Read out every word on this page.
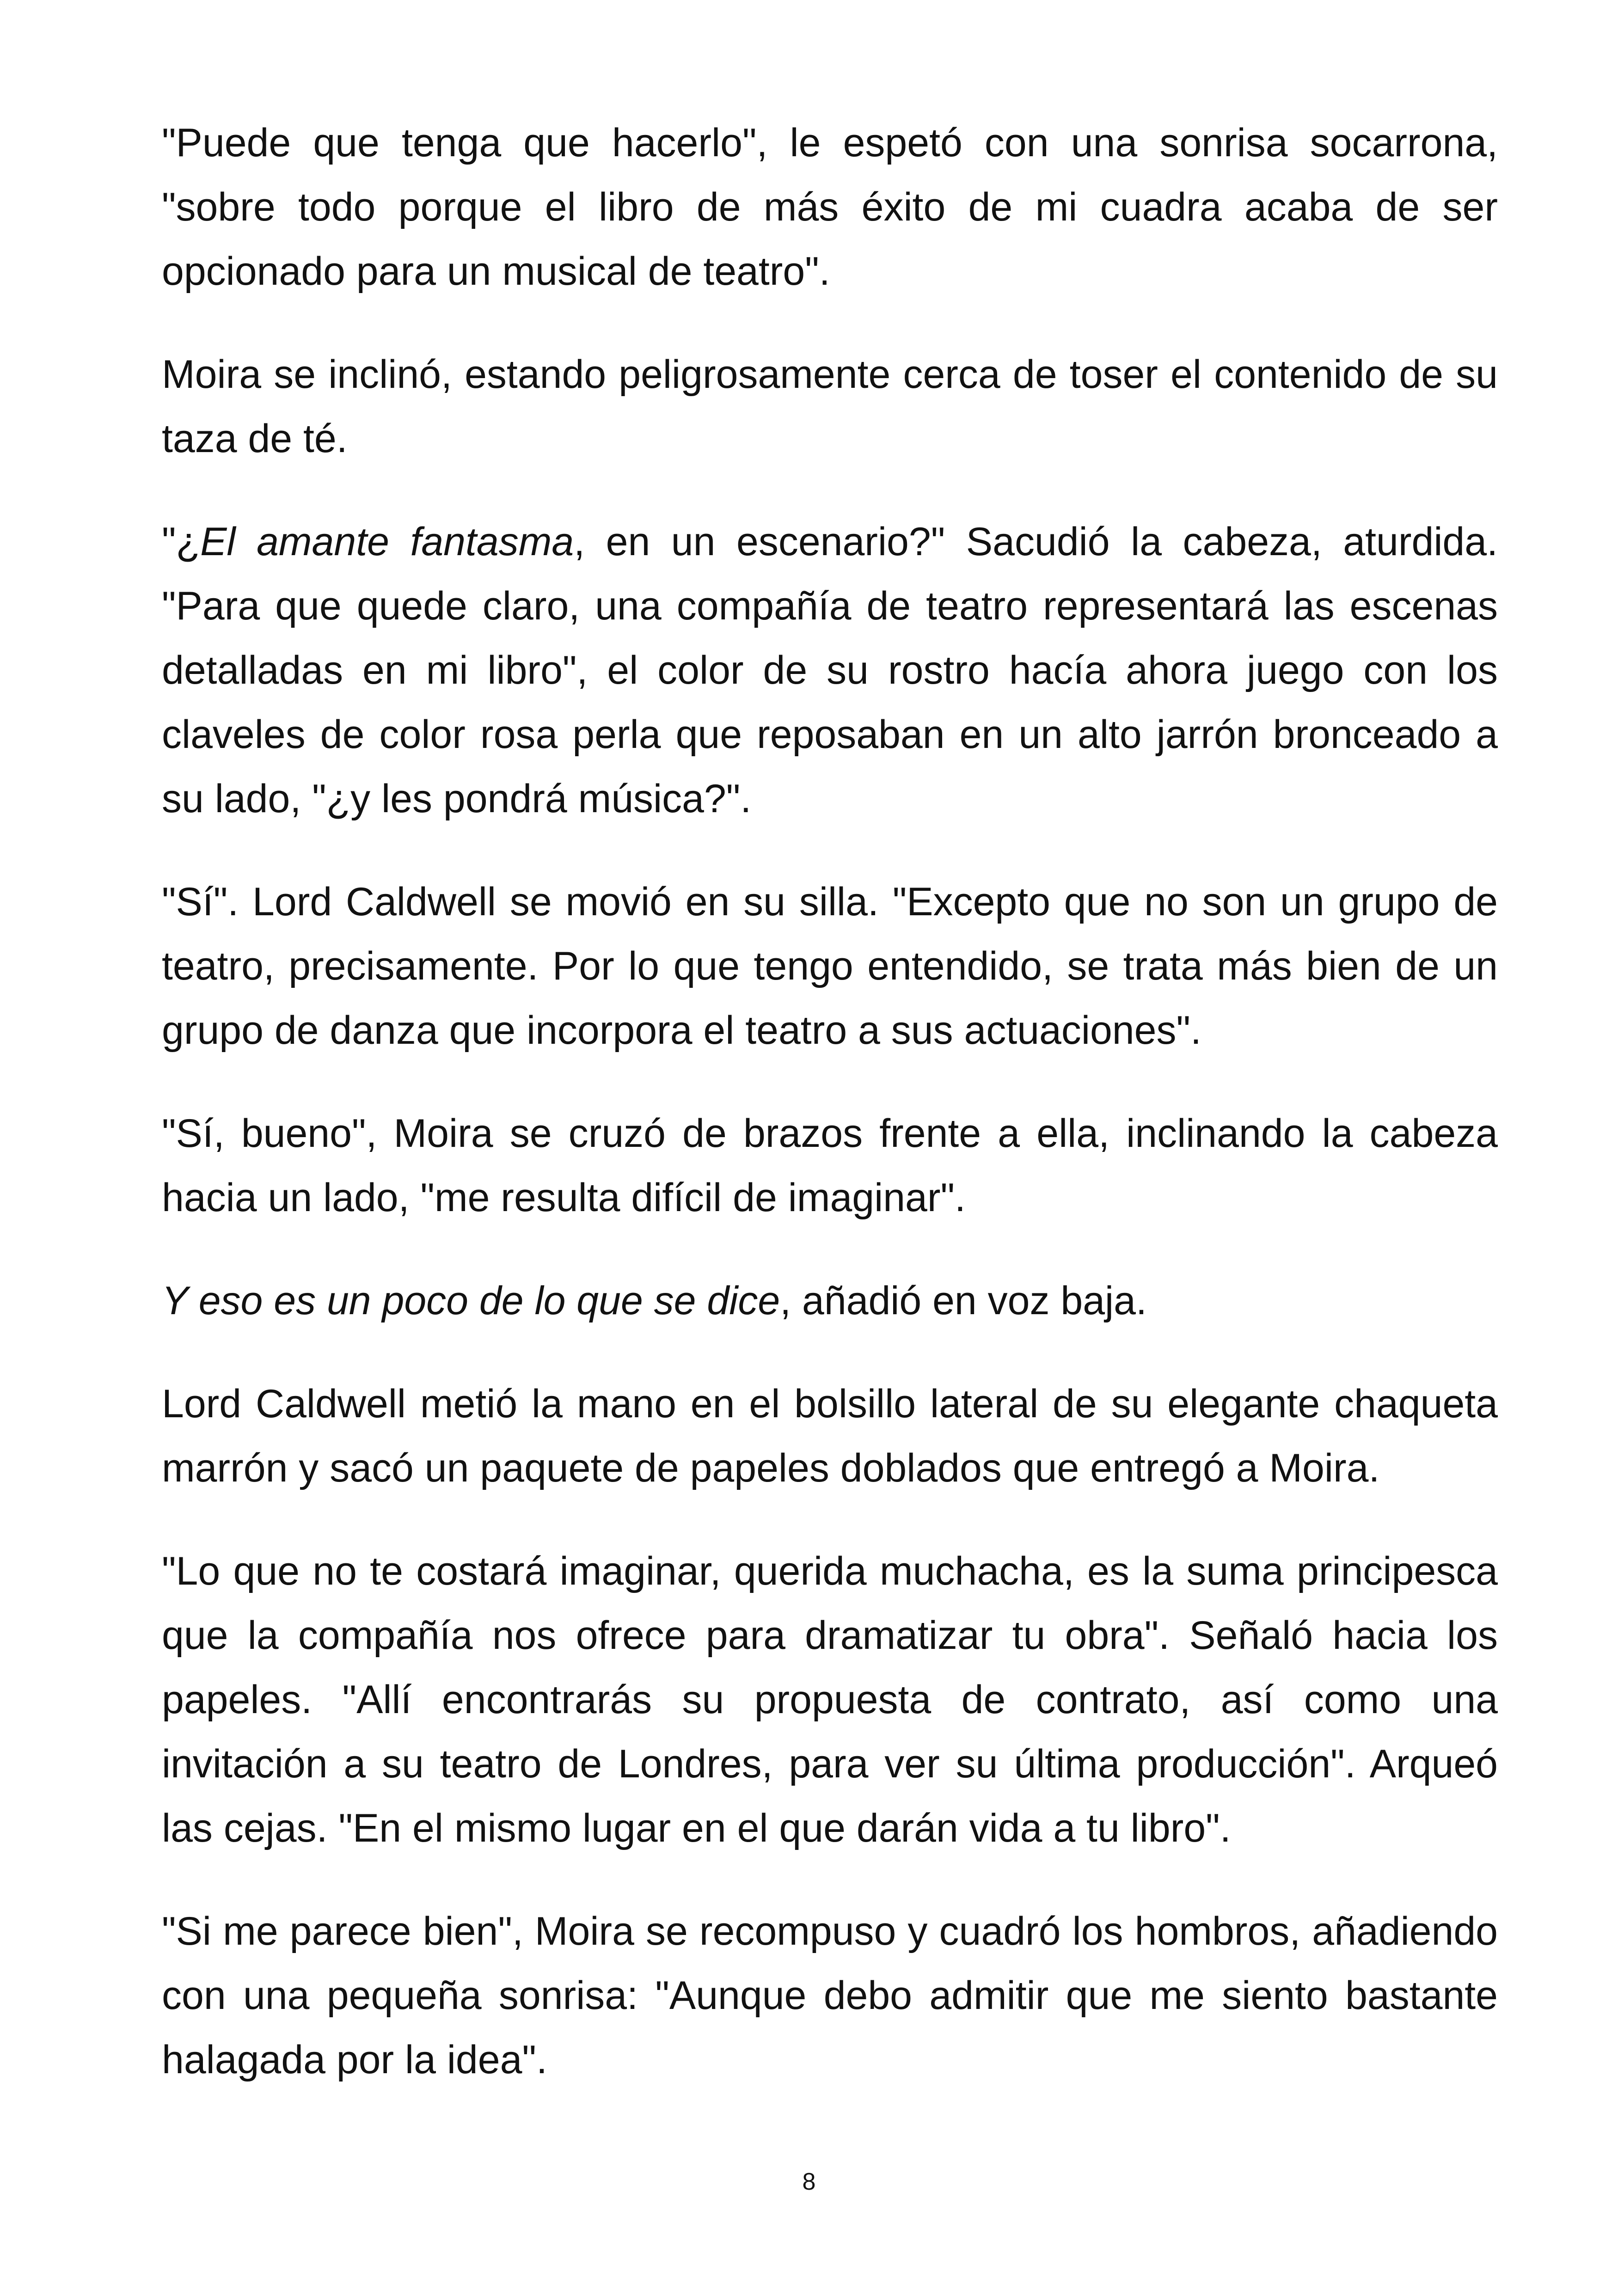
"Puede que tenga que hacerlo", le espetó con una sonrisa socarrona, "sobre todo porque el libro de más éxito de mi cuadra acaba de ser opcionado para un musical de teatro".

Moira se inclinó, estando peligrosamente cerca de toser el contenido de su taza de té.

"¿El amante fantasma, en un escenario?" Sacudió la cabeza, aturdida. "Para que quede claro, una compañía de teatro representará las escenas detalladas en mi libro", el color de su rostro hacía ahora juego con los claveles de color rosa perla que reposaban en un alto jarrón bronceado a su lado, "¿y les pondrá música?".

"Sí". Lord Caldwell se movió en su silla. "Excepto que no son un grupo de teatro, precisamente. Por lo que tengo entendido, se trata más bien de un grupo de danza que incorpora el teatro a sus actuaciones".

"Sí, bueno", Moira se cruzó de brazos frente a ella, inclinando la cabeza hacia un lado, "me resulta difícil de imaginar".

Y eso es un poco de lo que se dice, añadió en voz baja.

Lord Caldwell metió la mano en el bolsillo lateral de su elegante chaqueta marrón y sacó un paquete de papeles doblados que entregó a Moira.

"Lo que no te costará imaginar, querida muchacha, es la suma principesca que la compañía nos ofrece para dramatizar tu obra". Señaló hacia los papeles. "Allí encontrarás su propuesta de contrato, así como una invitación a su teatro de Londres, para ver su última producción". Arqueó las cejas. "En el mismo lugar en el que darán vida a tu libro".

"Si me parece bien", Moira se recompuso y cuadró los hombros, añadiendo con una pequeña sonrisa: "Aunque debo admitir que me siento bastante halagada por la idea".

8
